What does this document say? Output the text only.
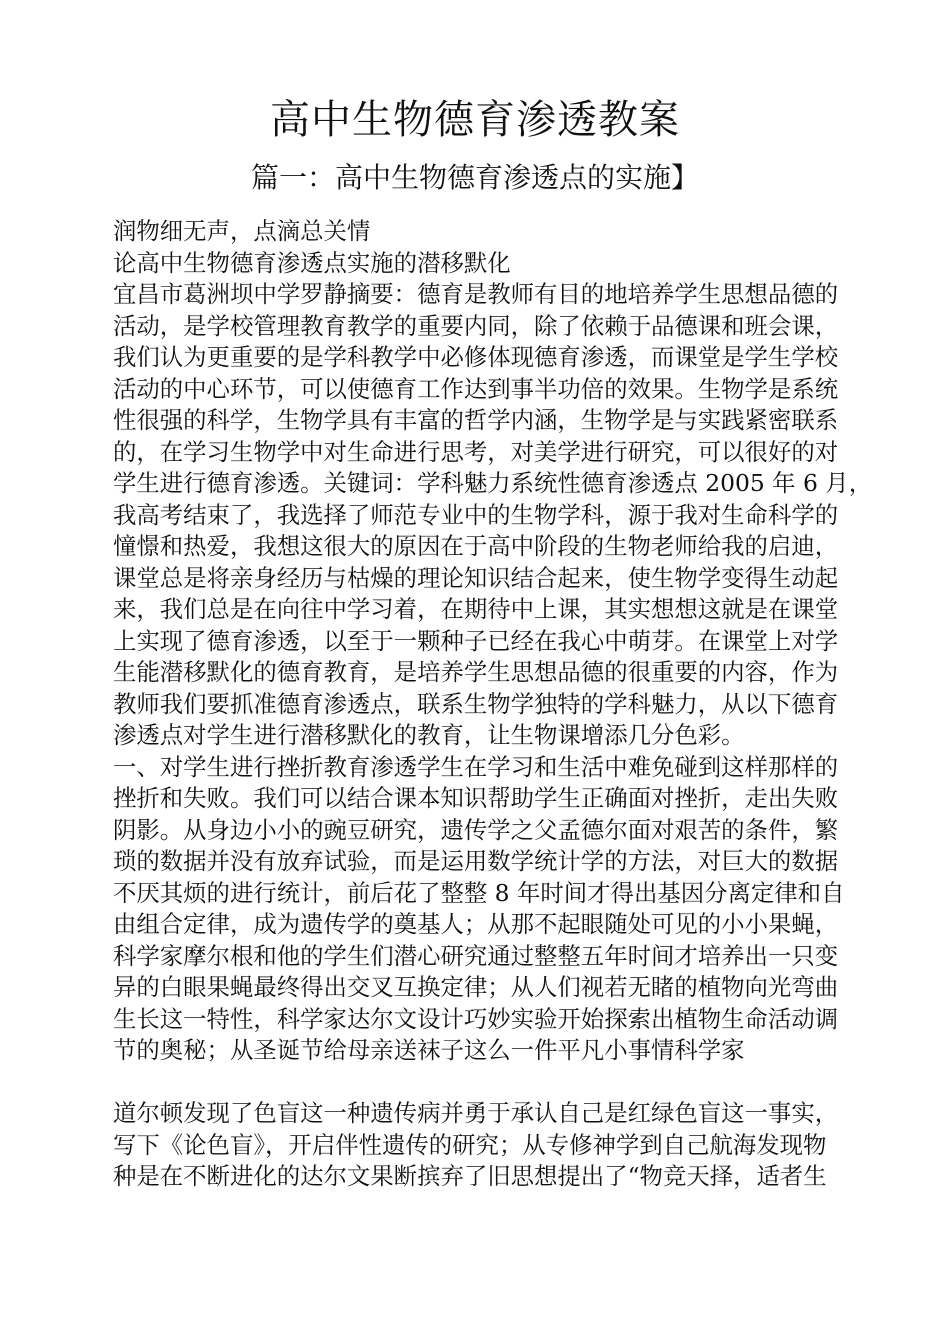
高中生物德育渗透教案
篇一：高中生物德育渗透点的实施】
润物细无声，点滴总关情
论高中生物德育渗透点实施的潜移默化
宜昌市葛洲坝中学罗静摘要：德育是教师有目的地培养学生思想品德的
活动，是学校管理教育教学的重要内同，除了依赖于品德课和班会课，
我们认为更重要的是学科教学中必修体现德育渗透，而课堂是学生学校
活动的中心环节，可以使德育工作达到事半功倍的效果。生物学是系统
性很强的科学，生物学具有丰富的哲学内涵，生物学是与实践紧密联系
的，在学习生物学中对生命进行思考，对美学进行研究，可以很好的对
学生进行德育渗透。关键词：学科魅力系统性德育渗透点 2005 年 6 月，
我高考结束了，我选择了师范专业中的生物学科，源于我对生命科学的
憧憬和热爱，我想这很大的原因在于高中阶段的生物老师给我的启迪，
课堂总是将亲身经历与枯燥的理论知识结合起来，使生物学变得生动起
来，我们总是在向往中学习着，在期待中上课，其实想想这就是在课堂
上实现了德育渗透，以至于一颗种子已经在我心中萌芽。在课堂上对学
生能潜移默化的德育教育，是培养学生思想品德的很重要的内容，作为
教师我们要抓准德育渗透点，联系生物学独特的学科魅力，从以下德育
渗透点对学生进行潜移默化的教育，让生物课增添几分色彩。
一、对学生进行挫折教育渗透学生在学习和生活中难免碰到这样那样的
挫折和失败。我们可以结合课本知识帮助学生正确面对挫折，走出失败
阴影。从身边小小的豌豆研究，遗传学之父孟德尔面对艰苦的条件，繁
琐的数据并没有放弃试验，而是运用数学统计学的方法，对巨大的数据
不厌其烦的进行统计，前后花了整整 8 年时间才得出基因分离定律和自
由组合定律，成为遗传学的奠基人；从那不起眼随处可见的小小果蝇，
科学家摩尔根和他的学生们潜心研究通过整整五年时间才培养出一只变
异的白眼果蝇最终得出交叉互换定律；从人们视若无睹的植物向光弯曲
生长这一特性，科学家达尔文设计巧妙实验开始探索出植物生命活动调
节的奥秘；从圣诞节给母亲送袜子这么一件平凡小事情科学家
道尔顿发现了色盲这一种遗传病并勇于承认自己是红绿色盲这一事实，
写下《论色盲》，开启伴性遗传的研究；从专修神学到自己航海发现物
种是在不断进化的达尔文果断摈弃了旧思想提出了“物竞天择，适者生
